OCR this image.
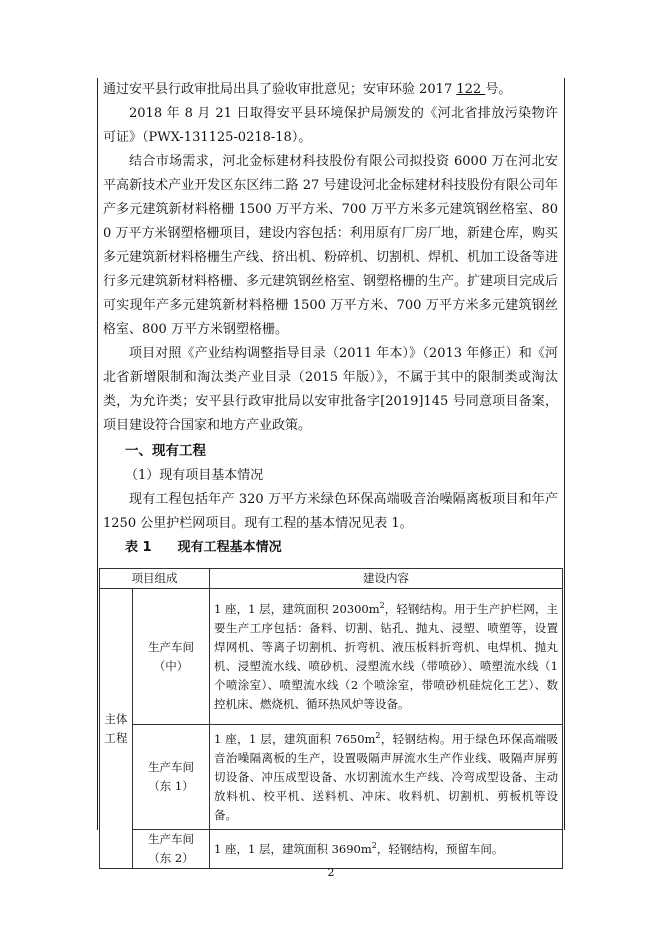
通过安平县行政审批局出具了验收审批意见；安审环验 2017 122 号。

2018 年 8 月 21 日取得安平县环境保护局颁发的《河北省排放污染物许可证》（PWX-131125-0218-18）。

结合市场需求，河北金标建材科技股份有限公司拟投资 6000 万在河北安平高新技术产业开发区东区纬二路 27 号建设河北金标建材科技股份有限公司年产多元建筑新材料格栅 1500 万平方米、700 万平方米多元建筑钢丝格室、800 万平方米钢塑格栅项目，建设内容包括：利用原有厂房厂地，新建仓库，购买多元建筑新材料格栅生产线、挤出机、粉碎机、切割机、焊机、机加工设备等进行多元建筑新材料格栅、多元建筑钢丝格室、钢塑格栅的生产。扩建项目完成后可实现年产多元建筑新材料格栅 1500 万平方米、700 万平方米多元建筑钢丝格室、800 万平方米钢塑格栅。

项目对照《产业结构调整指导目录（2011 年本）》（2013 年修正）和《河北省新增限制和淘汰类产业目录（2015 年版）》，不属于其中的限制类或淘汰类，为允许类；安平县行政审批局以安审批备字[2019]145 号同意项目备案，项目建设符合国家和地方产业政策。

一、现有工程

（1）现有项目基本情况

现有工程包括年产 320 万平方米绿色环保高端吸音治噪隔离板项目和年产 1250 公里护栏网项目。现有工程的基本情况见表 1。

表 1 现有工程基本情况

项目组成		建设内容
主体工程	生产车间（中）	1 座，1 层，建筑面积 $20300m^2$，轻钢结构。用于生产护栏网，主要生产工序包括：备料、切割、钻孔、抛丸、浸塑、喷塑等，设置焊网机、等离子切割机、折弯机、液压板料折弯机、电焊机、抛丸机、浸塑流水线、喷砂机、浸塑流水线（带喷砂）、喷塑流水线（1 个喷涂室）、喷塑流水线（2 个喷涂室，带喷砂机硅烷化工艺）、数控机床、燃烧机、循环热风炉等设备。
	生产车间（东 1）	1 座，1 层，建筑面积 $7650m^2$，轻钢结构。用于绿色环保高端吸音治噪隔离板的生产，设置吸隔声屏流水生产作业线、吸隔声屏剪切设备、冲压成型设备、水切割流水生产线、冷弯成型设备、主动放料机、校平机、送料机、冲床、收料机、切割机、剪板机等设备。
	生产车间（东 2）	1 座，1 层，建筑面积 $3690m^2$，轻钢结构，预留车间。
2
